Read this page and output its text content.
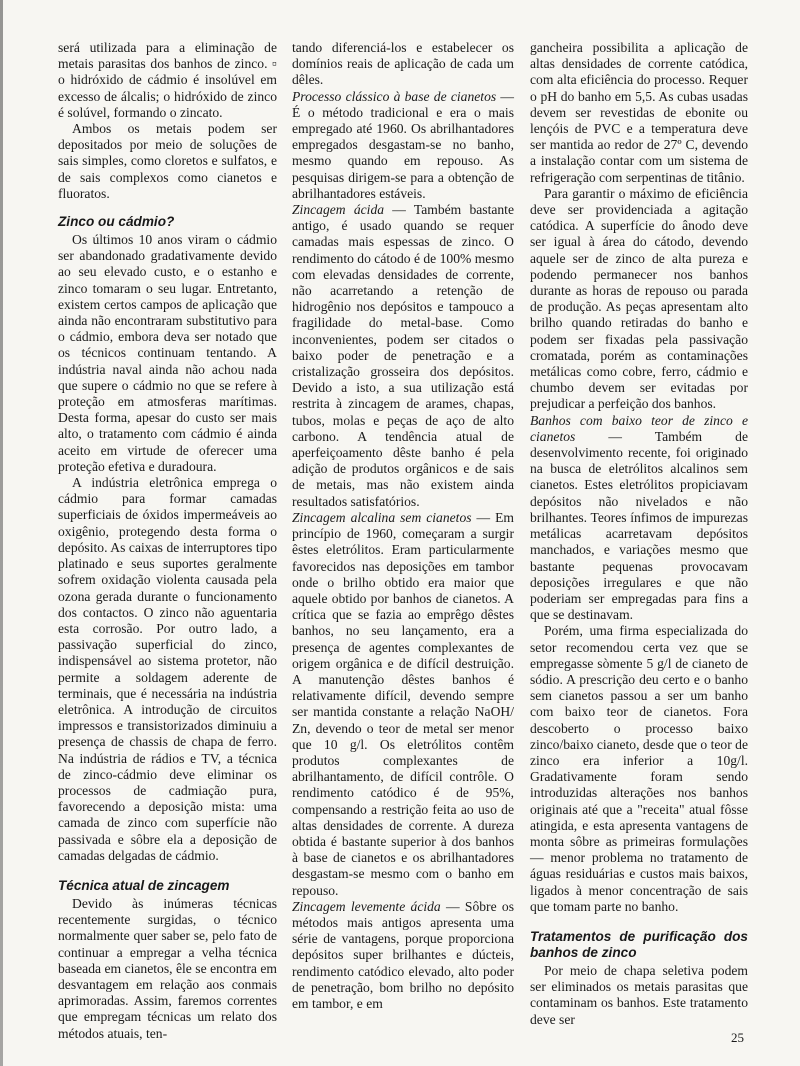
será utilizada para a eliminação de metais parasitas dos banhos de zinco. ▫ o hidróxido de cádmio é insolúvel em excesso de álcalis; o hidróxido de zinco é solúvel, formando o zincato.

Ambos os metais podem ser depositados por meio de soluções de sais simples, como cloretos e sulfatos, e de sais complexos como cianetos e fluoratos.

Zinco ou cádmio?

Os últimos 10 anos viram o cádmio ser abandonado gradativamente devido ao seu elevado custo, e o estanho e zinco tomaram o seu lugar. Entretanto, existem certos campos de aplicação que ainda não encontraram substitutivo para o cádmio, embora deva ser notado que os técnicos continuam tentando. A indústria naval ainda não achou nada que supere o cádmio no que se refere à proteção em atmosferas marítimas. Desta forma, apesar do custo ser mais alto, o tratamento com cádmio é ainda aceito em virtude de oferecer uma proteção efetiva e duradoura.

A indústria eletrônica emprega o cádmio para formar camadas superficiais de óxidos impermeáveis ao oxigênio, protegendo desta forma o depósito. As caixas de interruptores tipo platinado e seus suportes geralmente sofrem oxidação violenta causada pela ozona gerada durante o funcionamento dos contactos. O zinco não aguentaria esta corrosão. Por outro lado, a passivação superficial do zinco, indispensável ao sistema protetor, não permite a soldagem aderente de terminais, que é necessária na indústria eletrônica. A introdução de circuitos impressos e transistorizados diminuiu a presença de chassis de chapa de ferro. Na indústria de rádios e TV, a técnica de zinco-cádmio deve eliminar os processos de cadmiação pura, favorecendo a deposição mista: uma camada de zinco com superfície não passivada e sôbre ela a deposição de camadas delgadas de cádmio.

Técnica atual de zincagem

Devido às inúmeras técnicas recentemente surgidas, o técnico normalmente quer saber se, pelo fato de continuar a empregar a velha técnica baseada em cianetos, êle se encontra em desvantagem em relação aos conmais aprimoradas. Assim, faremos correntes que empregam técnicas um relato dos métodos atuais, ten-

tando diferenciá-los e estabelecer os domínios reais de aplicação de cada um dêles.

Processo clássico à base de cianetos — É o método tradicional e era o mais empregado até 1960. Os abrilhantadores empregados desgastam-se no banho, mesmo quando em repouso. As pesquisas dirigem-se para a obtenção de abrilhantadores estáveis.

Zincagem ácida — Também bastante antigo, é usado quando se requer camadas mais espessas de zinco. O rendimento do cátodo é de 100% mesmo com elevadas densidades de corrente, não acarretando a retenção de hidrogênio nos depósitos e tampouco a fragilidade do metal-base. Como inconvenientes, podem ser citados o baixo poder de penetração e a cristalização grosseira dos depósitos. Devido a isto, a sua utilização está restrita à zincagem de arames, chapas, tubos, molas e peças de aço de alto carbono. A tendência atual de aperfeiçoamento dêste banho é pela adição de produtos orgânicos e de sais de metais, mas não existem ainda resultados satisfatórios.

Zincagem alcalina sem cianetos — Em princípio de 1960, começaram a surgir êstes eletrólitos. Eram particularmente favorecidos nas deposições em tambor onde o brilho obtido era maior que aquele obtido por banhos de cianetos. A crítica que se fazia ao emprêgo dêstes banhos, no seu lançamento, era a presença de agentes complexantes de origem orgânica e de difícil destruição. A manutenção dêstes banhos é relativamente difícil, devendo sempre ser mantida constante a relação NaOH/ Zn, devendo o teor de metal ser menor que 10 g/l. Os eletrólitos contêm produtos complexantes de abrilhantamento, de difícil contrôle. O rendimento catódico é de 95%, compensando a restrição feita ao uso de altas densidades de corrente. A dureza obtida é bastante superior à dos banhos à base de cianetos e os abrilhantadores desgastam-se mesmo com o banho em repouso.

Zincagem levemente ácida — Sôbre os métodos mais antigos apresenta uma série de vantagens, porque proporciona depósitos super brilhantes e dúcteis, rendimento catódico elevado, alto poder de penetração, bom brilho no depósito em tambor, e em

gancheira possibilita a aplicação de altas densidades de corrente catódica, com alta eficiência do processo. Requer o pH do banho em 5,5. As cubas usadas devem ser revestidas de ebonite ou lençóis de PVC e a temperatura deve ser mantida ao redor de 27º C, devendo a instalação contar com um sistema de refrigeração com serpentinas de titânio.

Para garantir o máximo de eficiência deve ser providenciada a agitação catódica. A superfície do ânodo deve ser igual à área do cátodo, devendo aquele ser de zinco de alta pureza e podendo permanecer nos banhos durante as horas de repouso ou parada de produção. As peças apresentam alto brilho quando retiradas do banho e podem ser fixadas pela passivação cromatada, porém as contaminações metálicas como cobre, ferro, cádmio e chumbo devem ser evitadas por prejudicar a perfeição dos banhos.

Banhos com baixo teor de zinco e cianetos — Também de desenvolvimento recente, foi originado na busca de eletrólitos alcalinos sem cianetos. Estes eletrólitos propiciavam depósitos não nivelados e não brilhantes. Teores ínfimos de impurezas metálicas acarretavam depósitos manchados, e variações mesmo que bastante pequenas provocavam deposições irregulares e que não poderiam ser empregadas para fins a que se destinavam.

Porém, uma firma especializada do setor recomendou certa vez que se empregasse sòmente 5 g/l de cianeto de sódio. A prescrição deu certo e o banho sem cianetos passou a ser um banho com baixo teor de cianetos. Fora descoberto o processo baixo zinco/baixo cianeto, desde que o teor de zinco era inferior a 10g/l. Gradativamente foram sendo introduzidas alterações nos banhos originais até que a "receita" atual fôsse atingida, e esta apresenta vantagens de monta sôbre as primeiras formulações — menor problema no tratamento de águas residuárias e custos mais baixos, ligados à menor concentração de sais que tomam parte no banho.

Tratamentos de purificação dos banhos de zinco

Por meio de chapa seletiva podem ser eliminados os metais parasitas que contaminam os banhos. Este tratamento deve ser

25
